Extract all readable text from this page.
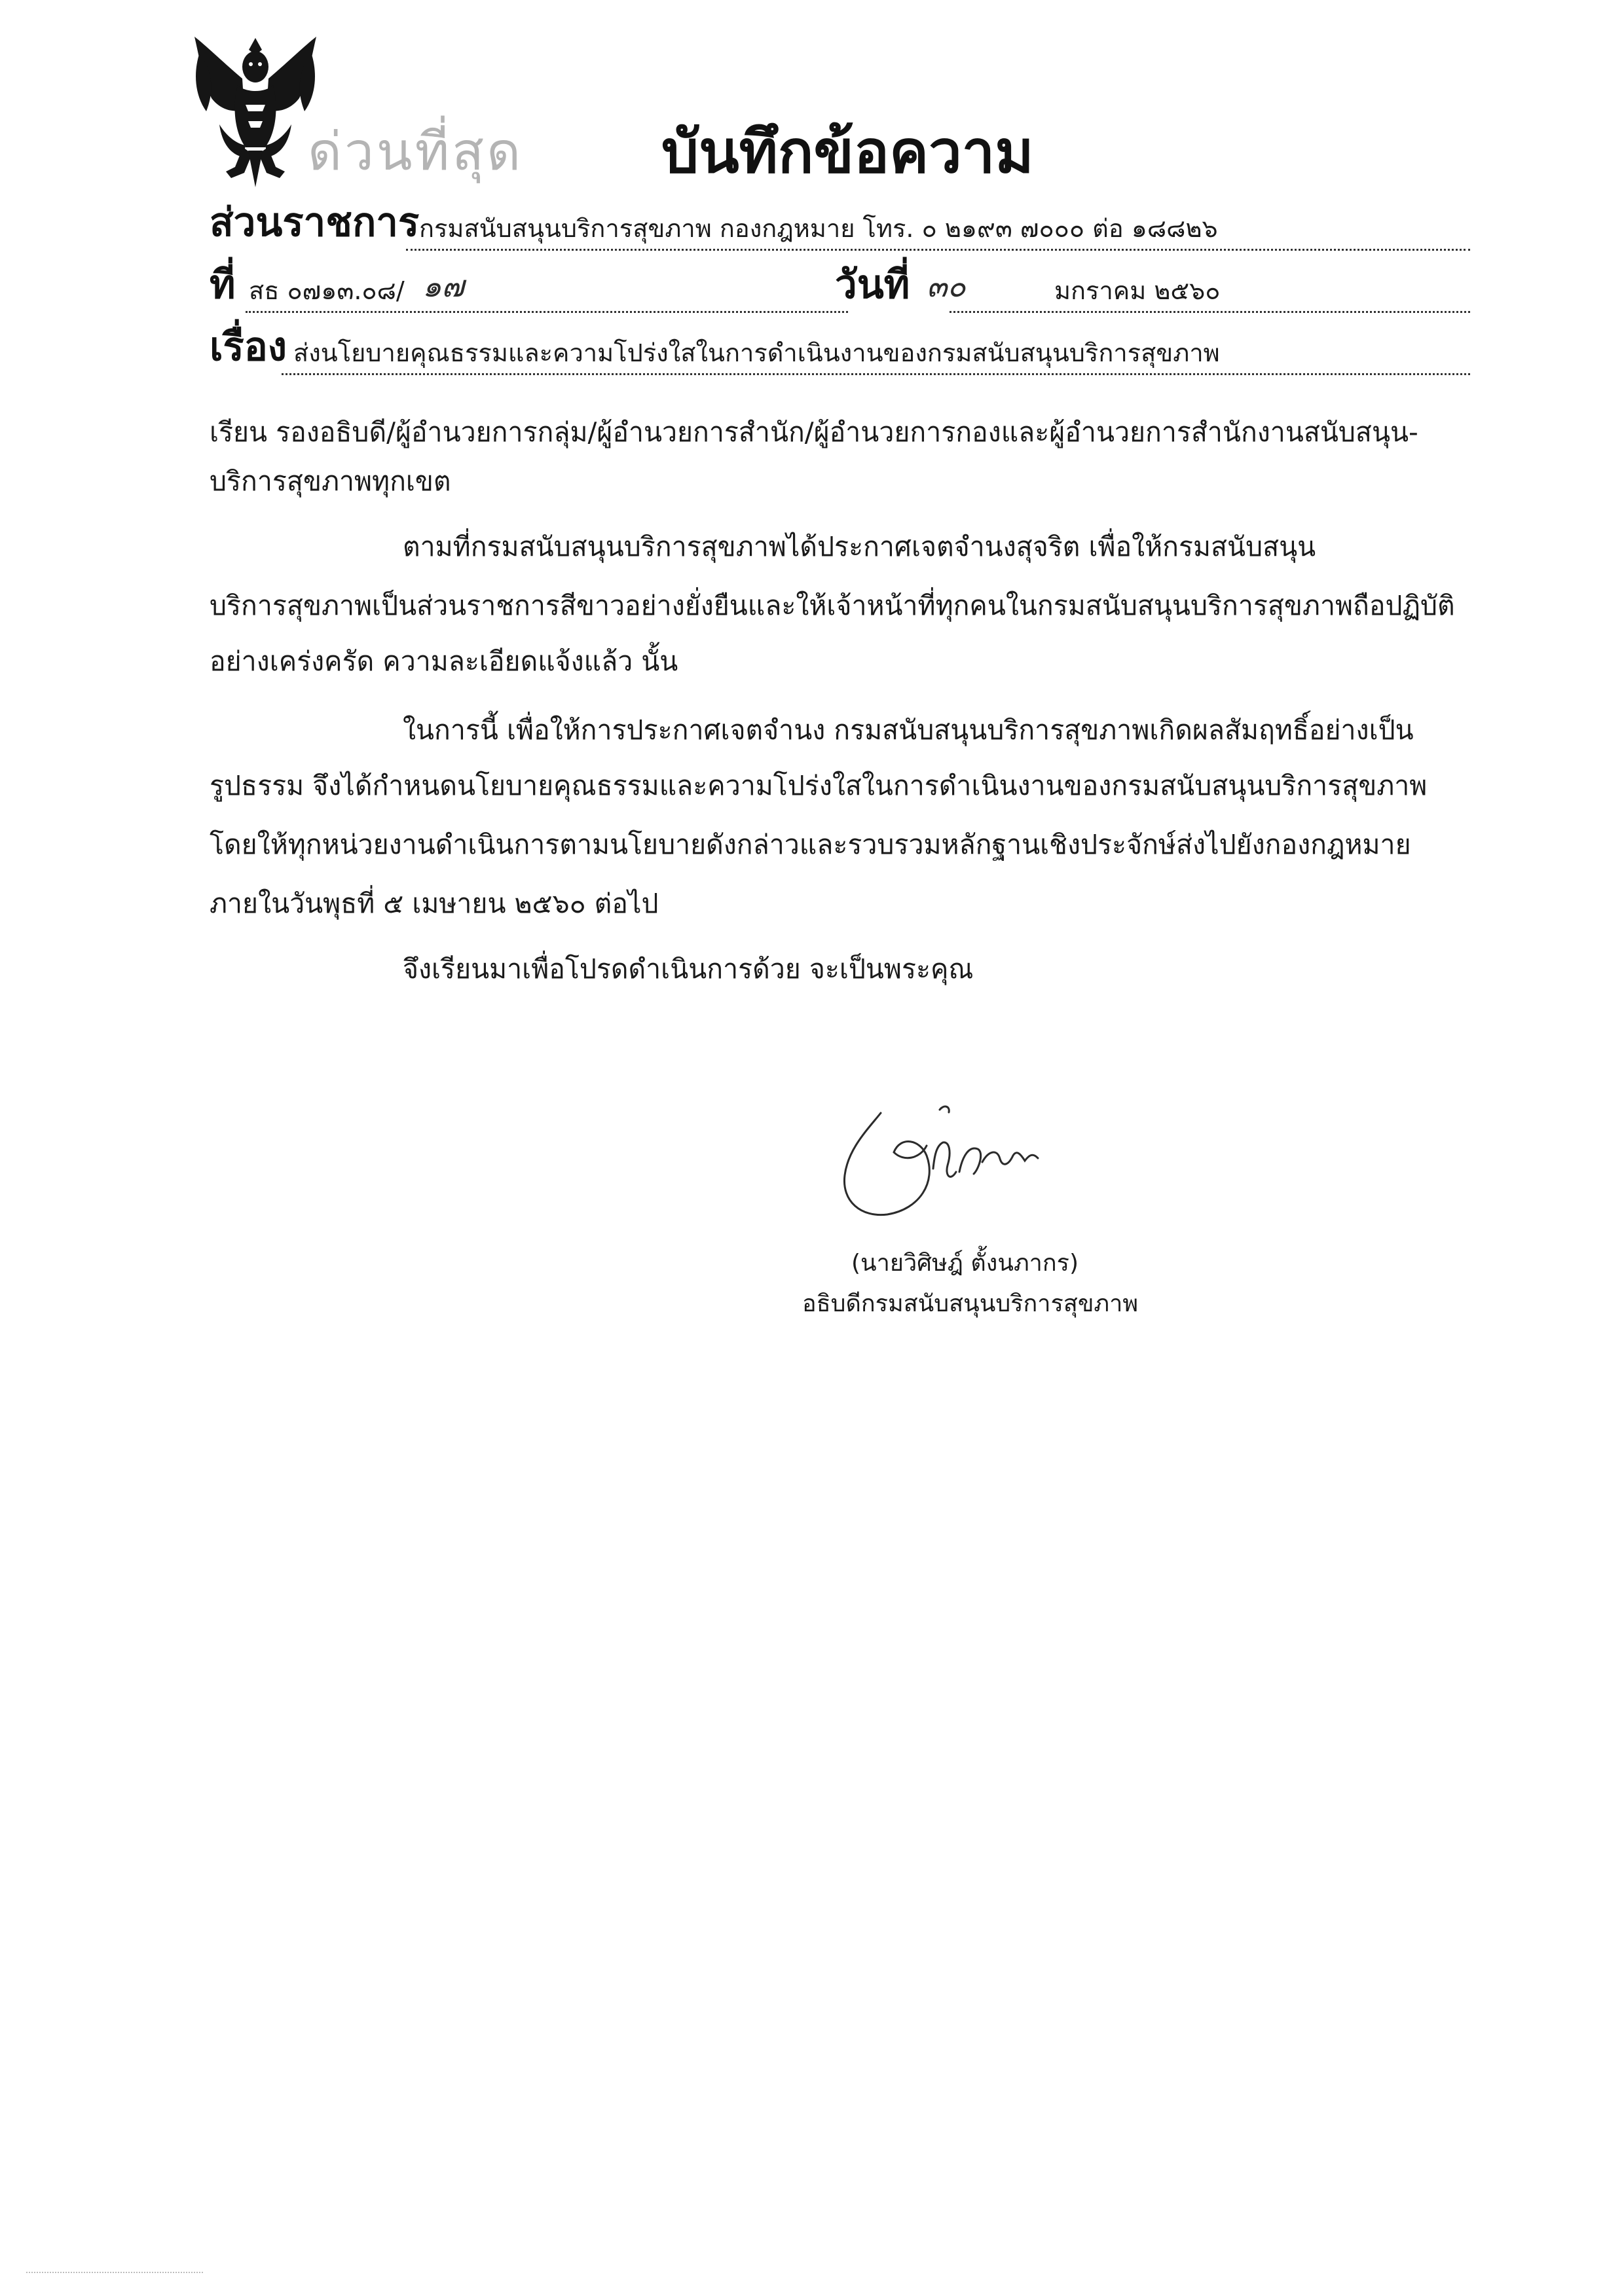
ด่วนที่สุด บันทึกข้อความ
ส่วนราชการ กรมสนับสนุนบริการสุขภาพ กองกฎหมาย โทร. ๐ ๒๑๙๓ ๗๐๐๐ ต่อ ๑๘๘๒๖
ที่ สธ ๐๗๑๓.๐๘/ ๑๗	วันที่ ๓๐	มกราคม ๒๕๖๐
เรื่อง ส่งนโยบายคุณธรรมและความโปร่งใสในการดำเนินงานของกรมสนับสนุนบริการสุขภาพ
เรียน รองอธิบดี/ผู้อำนวยการกลุ่ม/ผู้อำนวยการสำนัก/ผู้อำนวยการกองและผู้อำนวยการสำนักงานสนับสนุน-
บริการสุขภาพทุกเขต
ตามที่กรมสนับสนุนบริการสุขภาพได้ประกาศเจตจำนงสุจริต เพื่อให้กรมสนับสนุน
บริการสุขภาพเป็นส่วนราชการสีขาวอย่างยั่งยืนและให้เจ้าหน้าที่ทุกคนในกรมสนับสนุนบริการสุขภาพถือปฏิบัติ
อย่างเคร่งครัด ความละเอียดแจ้งแล้ว นั้น
ในการนี้ เพื่อให้การประกาศเจตจำนง กรมสนับสนุนบริการสุขภาพเกิดผลสัมฤทธิ์อย่างเป็น
รูปธรรม จึงได้กำหนดนโยบายคุณธรรมและความโปร่งใสในการดำเนินงานของกรมสนับสนุนบริการสุขภาพ
โดยให้ทุกหน่วยงานดำเนินการตามนโยบายดังกล่าวและรวบรวมหลักฐานเชิงประจักษ์ส่งไปยังกองกฎหมาย
ภายในวันพุธที่ ๕ เมษายน ๒๕๖๐ ต่อไป
จึงเรียนมาเพื่อโปรดดำเนินการด้วย จะเป็นพระคุณ
(นายวิศิษฎ์ ตั้งนภากร)
อธิบดีกรมสนับสนุนบริการสุขภาพ
